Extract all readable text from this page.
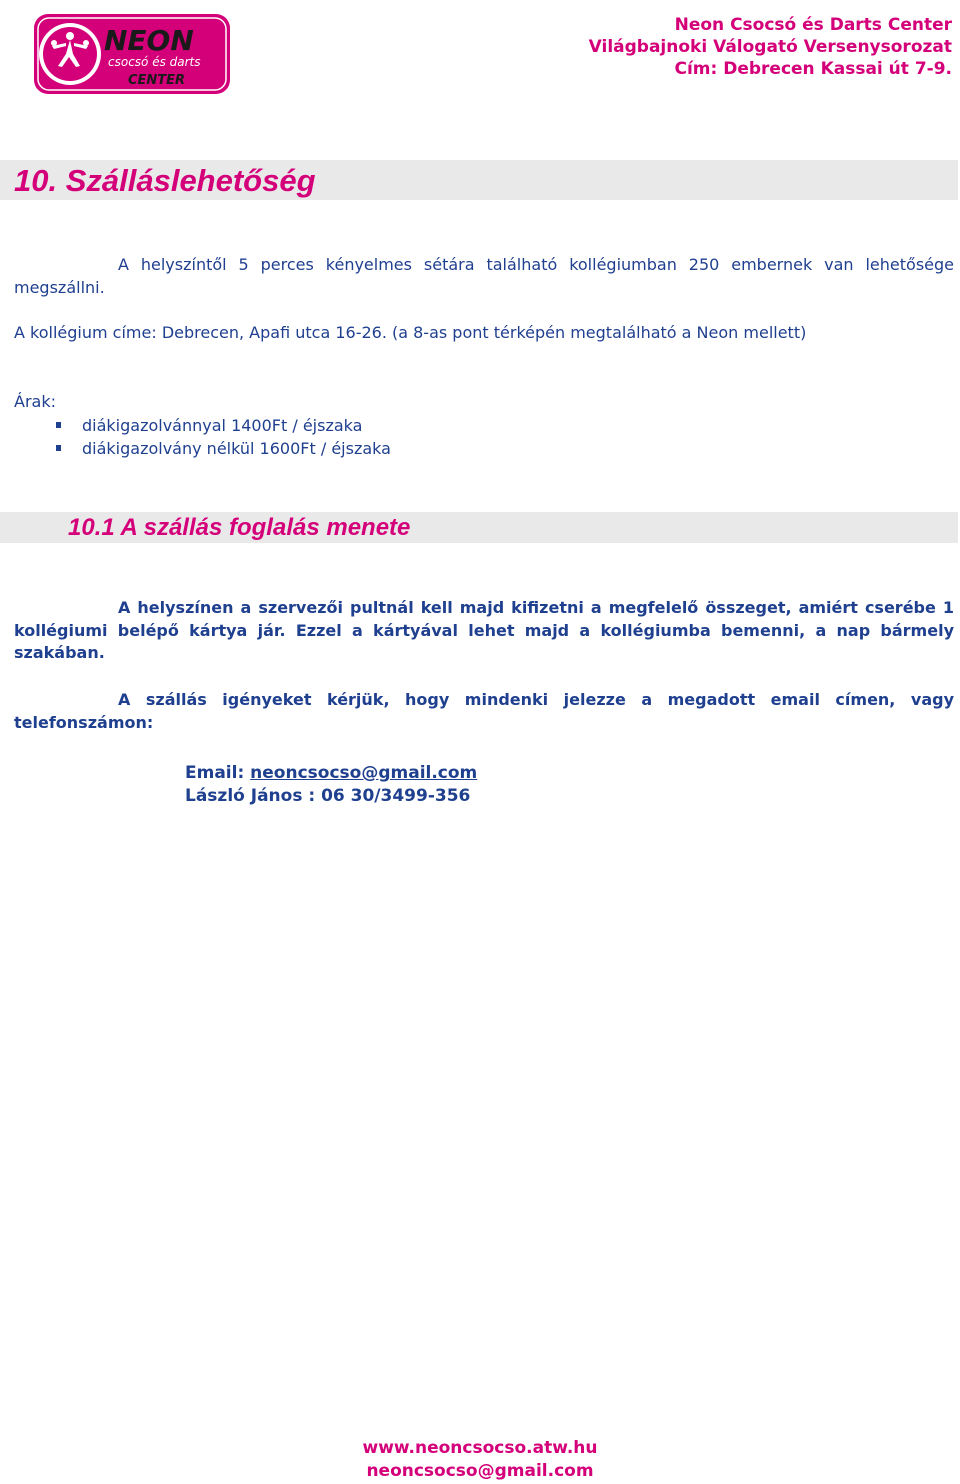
NEON
csocsó és darts
CENTER
Neon Csocsó és Darts Center
Világbajnoki Válogató Versenysorozat
Cím: Debrecen Kassai út 7-9.
10. Szálláslehetőség
A helyszíntől 5 perces kényelmes sétára található kollégiumban 250 embernek van lehetősége megszállni.
A kollégium címe: Debrecen, Apafi utca 16-26. (a 8-as pont térképén megtalálható a Neon mellett)
Árak:
diákigazolvánnyal 1400Ft / éjszaka
diákigazolvány nélkül 1600Ft / éjszaka
10.1 A szállás foglalás menete
A helyszínen a szervezői pultnál kell majd kifizetni a megfelelő összeget, amiért cserébe 1 kollégiumi belépő kártya jár. Ezzel a kártyával lehet majd a kollégiumba bemenni, a nap bármely szakában.
A szállás igényeket kérjük, hogy mindenki jelezze a megadott email címen, vagy telefonszámon:
Email: neoncsocso@gmail.com
László János : 06 30/3499-356
www.neoncsocso.atw.hu
neoncsocso@gmail.com
